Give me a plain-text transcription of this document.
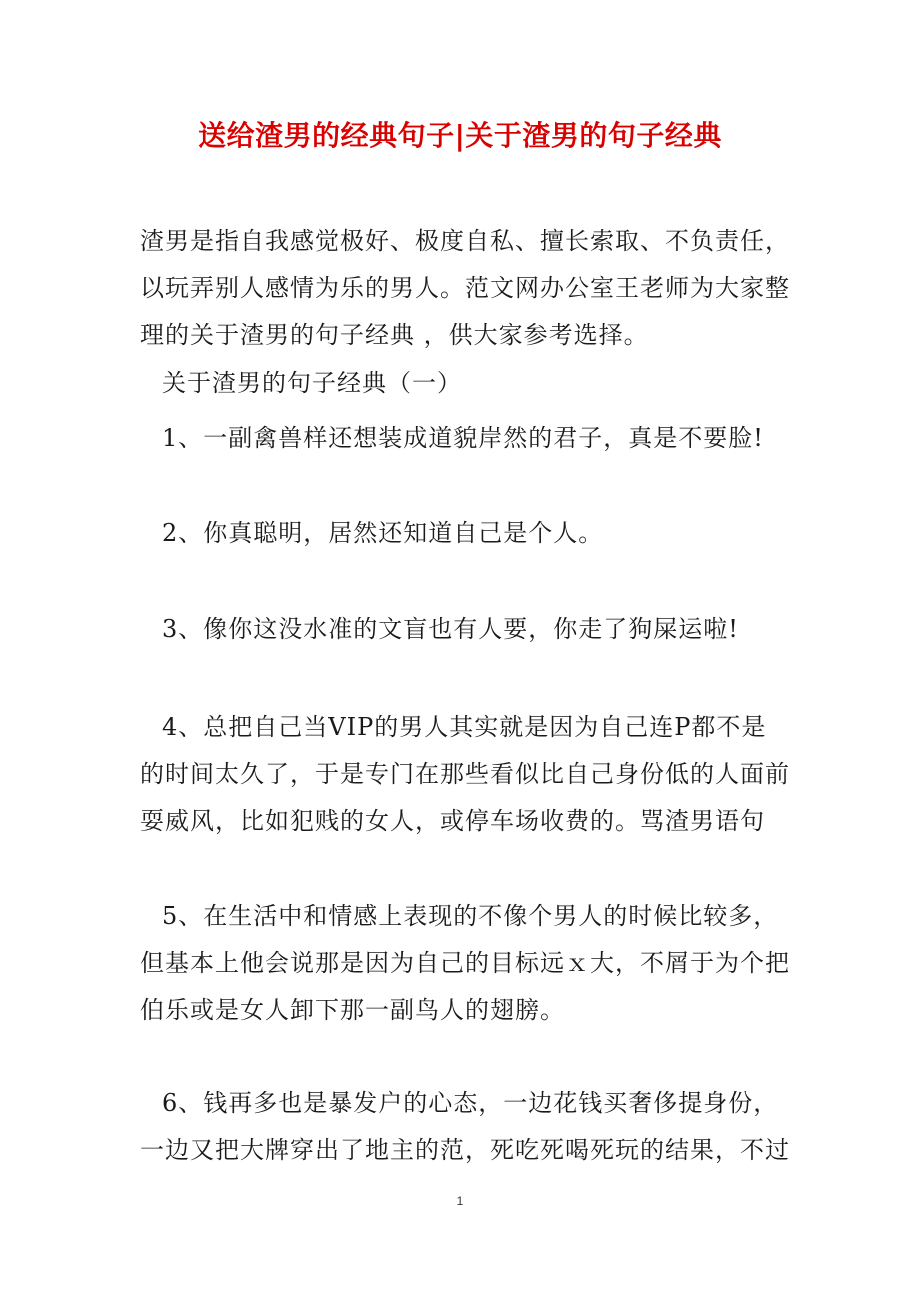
送给渣男的经典句子|关于渣男的句子经典
渣男是指自我感觉极好、极度自私、擅长索取、不负责任，
以玩弄别人感情为乐的男人。范文网办公室王老师为大家整
理的关于渣男的句子经典 ，供大家参考选择。
关于渣男的句子经典（一）
1、一副禽兽样还想装成道貌岸然的君子，真是不要脸!
2、你真聪明，居然还知道自己是个人。
3、像你这没水准的文盲也有人要，你走了狗屎运啦!
4、总把自己当VIP的男人其实就是因为自己连P都不是
的时间太久了，于是专门在那些看似比自己身份低的人面前
耍威风，比如犯贱的女人，或停车场收费的。骂渣男语句
5、在生活中和情感上表现的不像个男人的时候比较多，
但基本上他会说那是因为自己的目标远ｘ大，不屑于为个把
伯乐或是女人卸下那一副鸟人的翅膀。
6、钱再多也是暴发户的心态，一边花钱买奢侈提身份，
一边又把大牌穿出了地主的范，死吃死喝死玩的结果，不过
1
